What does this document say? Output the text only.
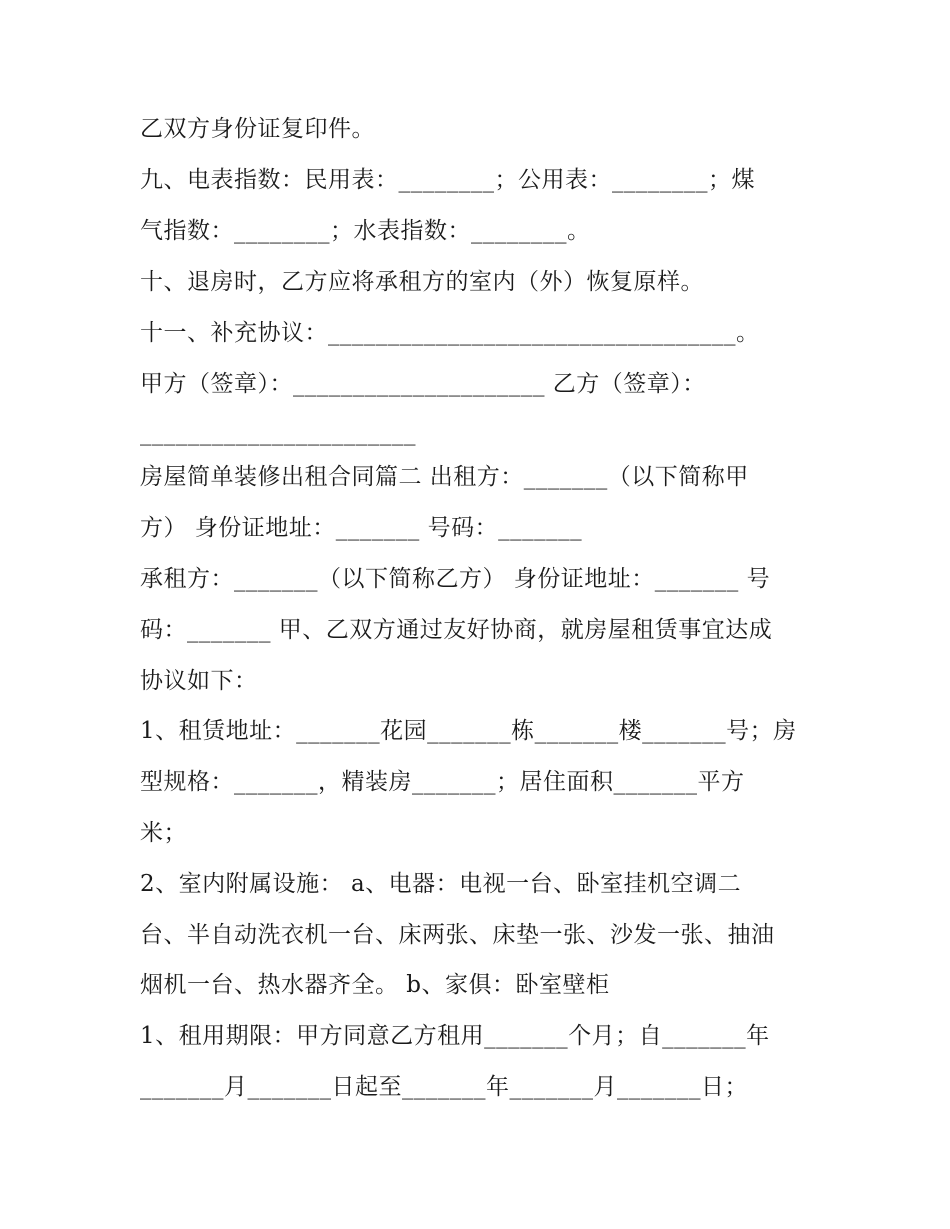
乙双方身份证复印件。

九、电表指数：民用表：________；公用表：________；煤

气指数：________；水表指数：________。

十、退房时，乙方应将承租方的室内（外）恢复原样。

十一、补充协议：__________________________________。

甲方（签章）：_____________________ 乙方（签章）：

_______________________

房屋简单装修出租合同篇二 出租方：_______（以下简称甲

方） 身份证地址：_______ 号码：_______

承租方：_______（以下简称乙方） 身份证地址：_______ 号

码：_______ 甲、乙双方通过友好协商，就房屋租赁事宜达成

协议如下：

1、租赁地址：_______花园_______栋_______楼_______号；房

型规格：_______，精装房_______；居住面积_______平方

米；

2、室内附属设施： a、电器：电视一台、卧室挂机空调二

台、半自动洗衣机一台、床两张、床垫一张、沙发一张、抽油

烟机一台、热水器齐全。 b、家俱：卧室壁柜

1、租用期限：甲方同意乙方租用_______个月；自_______年

_______月_______日起至_______年_______月_______日；
